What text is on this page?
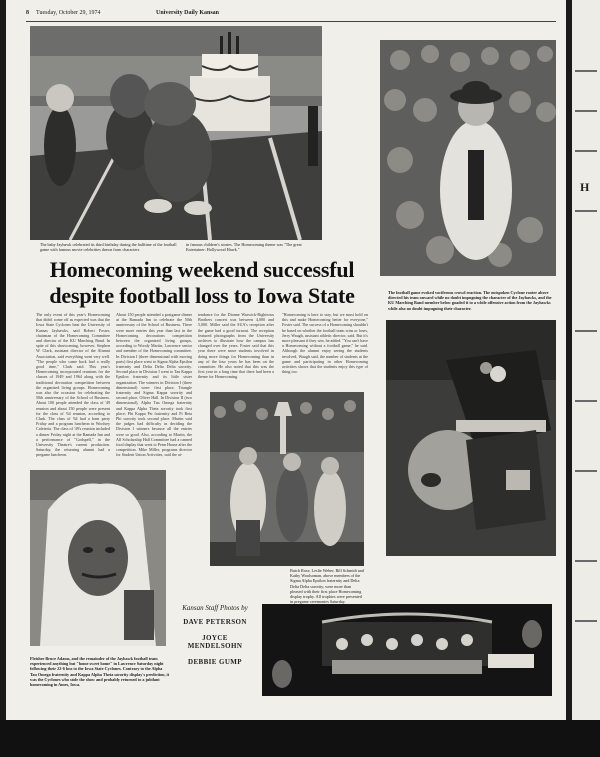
8 Tuesday, October 29, 1974	University Daily Kansan
The baby Jayhawk celebrated its third birthday during the halftime of the football game with famous movie celebrities drawn from characters
in famous children's stories. The Homecoming theme was "The great Entertainer: Hollywood Hawk."
The football game evoked vociferous crowd reaction. The outspoken Cyclone rooter above directed his team onward while no doubt impugning the character of the Jayhawks, and the KU Marching Band member below goaded it to a while offensive action from the Jayhawks while also no doubt impugning their character.
Homecoming weekend successful
despite football loss to Iowa State
The only event of this year's Homecoming that didn't come off as expected was that the Iowa State Cyclones beat the University of Kansas Jayhawks, said Robert Foster, chairman of the Homecoming Committee and director of the KU Marching Band. In spite of this shortcoming, however, Stephen W. Clark, assistant director of the Alumni Association, said everything went very well. "The people who came back had a really good time," Clark said. This year's Homecoming incorporated reunions for the classes of 1949 and 1964 along with the traditional decoration competition between the organized living groups. Homecoming was also the occasion for celebrating the 50th anniversary of the School of Business. About 100 people attended the class of '49 reunion and about 150 people were present for the class of '64 reunion, according to Clark. The class of '64 had a barn party Friday and a program luncheon in Woolsey Cafeteria. The class of '49's reunion included a dinner Friday night at the Ramada Inn and a performance of "Godspell," in the University Theatre's current production. Saturday, the returning alumni had a pregame luncheon.
About 150 people attended a postgame dinner at the Ramada Inn to celebrate the 50th anniversary of the School of Business. There were more entries this year than last in the Homecoming decorations competition between the organized living groups, according to Woody Martin, Lawrence senior and member of the Homecoming committee. In Division I (three dimensional with moving parts) first place went to Sigma Alpha Epsilon fraternity and Delta Delta Delta sorority. Second place in Division I went to Tau Kappa Epsilon fraternity and its little sister organization. The winners in Division I (three dimensional) were: first place, Triangle fraternity and Sigma Kappa sorority and second place, Oliver Hall. In Division II (two dimensional), Alpha Tau Omega fraternity and Kappa Alpha Theta sorority took first place; Phi Kappa Psi fraternity and Pi Beta Phi sorority took second place. Martin said the judges had difficulty in deciding the Division I winners because all the entries were so good. Also, according to Martin, the All Scholarship Hall Committee had a canned food display that went to Penn House after the competition. Mike Miller, programs director for Student Union Activities, said the at-
tendance for the Dionne Warwick-Righteous Brothers concert was between 4,000 and 5,000. Miller said the SUA's reception after the game had a good turnout. The reception featured photographs from the University archives to illustrate how the campus has changed over the years. Foster said that this year there were more students involved in doing more things for Homecoming than in any of the four years he has been on the committee. He also noted that this was the first year in a long time that there had been a theme for Homecoming.
"Homecoming is here to stay, but we must hold on this and make Homecoming better for everyone," Foster said. The success of a Homecoming shouldn't be based on whether the football team wins or loses, Jerry Waugh, assistant athletic director, said. But it's more pleasant if they win, he added. "You can't have a Homecoming without a football game," he said. Although the alumni enjoy seeing the students involved, Waugh said, the number of students at the game and participating in other Homecoming activities shows that the students enjoy this type of thing too.
Butch Rose, Leslie Weber, Bill Schmidt and Kathy Woolsoman, above members of the Sigma Alpha Epsilon fraternity and Delta Delta Delta sorority, were more than pleased with their first place Homecoming display trophy. All trophies were presented in pregame ceremonies Saturday.
Fleisher Bruce Adams, and the remainder of the Jayhawk football team experienced anything but "home sweet home" in Lawrence Saturday night following their 22-6 loss to the Iowa State Cyclones. Contrary to the Alpha Tau Omega fraternity and Kappa Alpha Theta sorority display's prediction, it was the Cyclones who stole the show and probably returned to a jubilant homecoming in Ames, Iowa.
Kansan Staff Photos by
DAVE PETERSON
JOYCE MENDELSOHN
DEBBIE GUMP
H
